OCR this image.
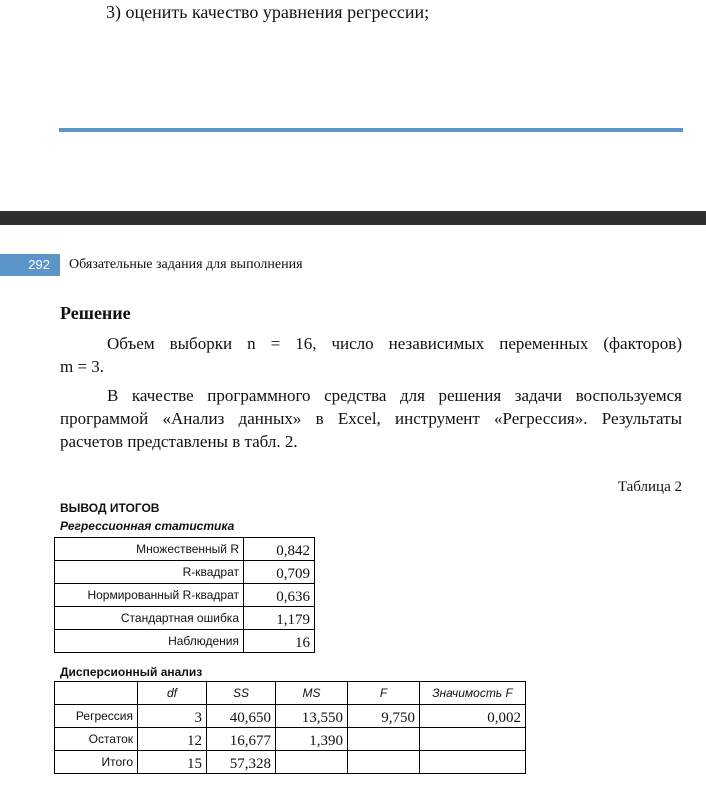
3) оценить качество уравнения регрессии;
292 Обязательные задания для выполнения
Решение
Объем выборки n = 16, число независимых переменных (факторов)
m = 3.
В качестве программного средства для решения задачи воспользуемся
программой «Анализ данных» в Excel, инструмент «Регрессия». Результаты
расчетов представлены в табл. 2.
Таблица 2
ВЫВОД ИТОГОВ
Регрессионная статистика
Множественный R	0,842
R-квадрат	0,709
Нормированный R-квадрат	0,636
Стандартная ошибка	1,179
Наблюдения	16
Дисперсионный анализ
	df	SS	MS	F	Значимость F
Регрессия	3	40,650	13,550	9,750	0,002
Остаток	12	16,677	1,390		
Итого	15	57,328			
